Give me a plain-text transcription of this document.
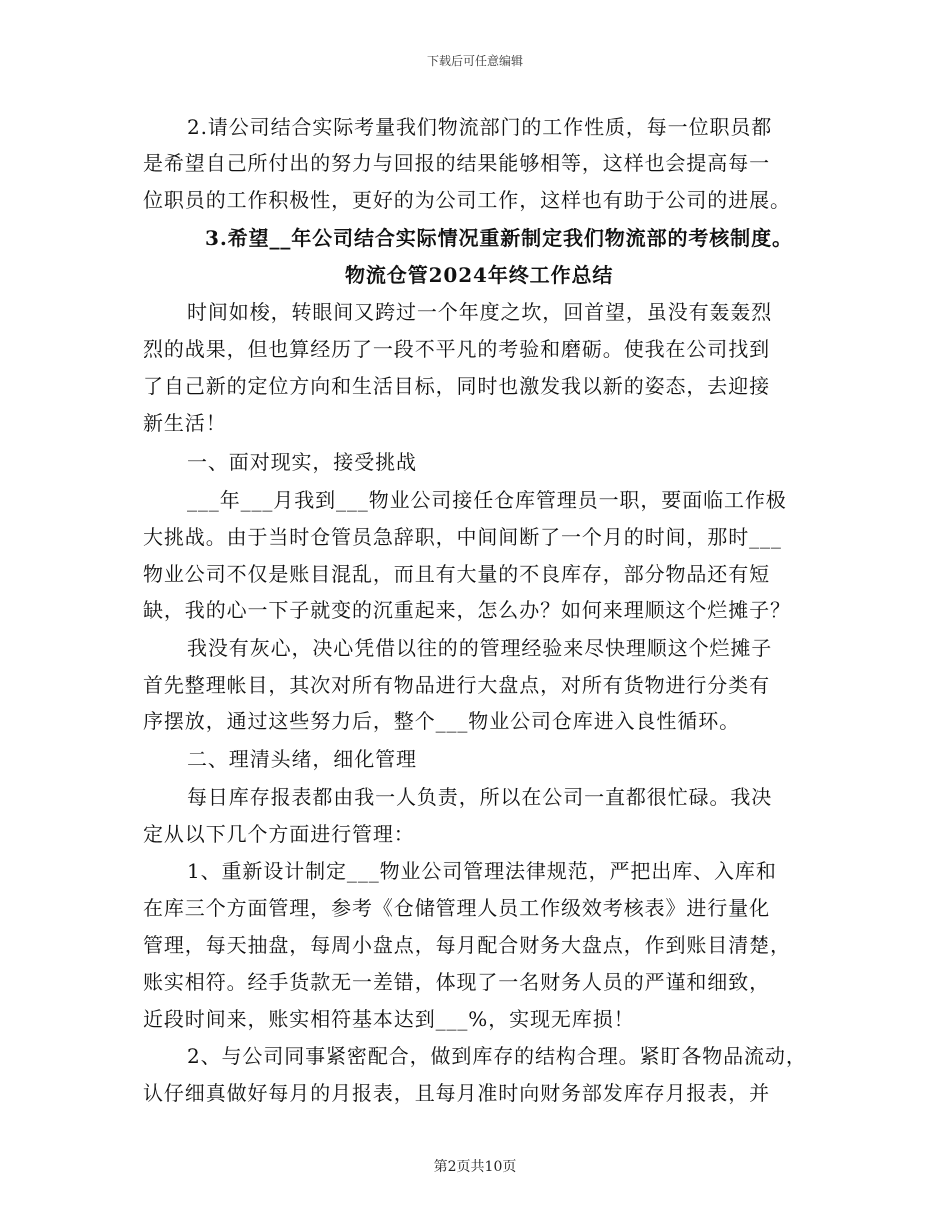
下载后可任意编辑
2.请公司结合实际考量我们物流部门的工作性质，每一位职员都
是希望自己所付出的努力与回报的结果能够相等，这样也会提高每一
位职员的工作积极性，更好的为公司工作，这样也有助于公司的进展。
3.希望__年公司结合实际情况重新制定我们物流部的考核制度。
物流仓管2024年终工作总结
时间如梭，转眼间又跨过一个年度之坎，回首望，虽没有轰轰烈
烈的战果，但也算经历了一段不平凡的考验和磨砺。使我在公司找到
了自己新的定位方向和生活目标，同时也激发我以新的姿态，去迎接
新生活！
一、面对现实，接受挑战
___年___月我到___物业公司接任仓库管理员一职，要面临工作极
大挑战。由于当时仓管员急辞职，中间间断了一个月的时间，那时___
物业公司不仅是账目混乱，而且有大量的不良库存，部分物品还有短
缺，我的心一下子就变的沉重起来，怎么办？如何来理顺这个烂摊子？
我没有灰心，决心凭借以往的的管理经验来尽快理顺这个烂摊子
首先整理帐目，其次对所有物品进行大盘点，对所有货物进行分类有
序摆放，通过这些努力后，整个___物业公司仓库进入良性循环。
二、理清头绪，细化管理
每日库存报表都由我一人负责，所以在公司一直都很忙碌。我决
定从以下几个方面进行管理：
1、重新设计制定___物业公司管理法律规范，严把出库、入库和
在库三个方面管理，参考《仓储管理人员工作级效考核表》进行量化
管理，每天抽盘，每周小盘点，每月配合财务大盘点，作到账目清楚，
账实相符。经手货款无一差错，体现了一名财务人员的严谨和细致，
近段时间来，账实相符基本达到___%，实现无库损！
2、与公司同事紧密配合，做到库存的结构合理。紧盯各物品流动，
认仔细真做好每月的月报表，且每月准时向财务部发库存月报表，并
第2页共10页
